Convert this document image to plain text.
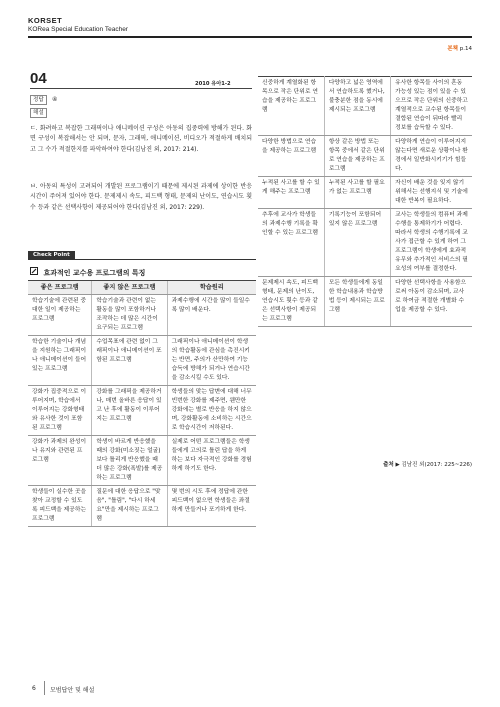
KORSET
KORea Special Education Teacher
본책 p.14
04	2010 유아1-2
정답	④
해설
ㄷ. 화려하고 복잡한 그래픽이나 애니메이션 구성은 아동의 집중력에 방해가 된다. 화면 구성이 복잡해서는 안 되며, 문자, 그래픽, 애니메이션, 비디오가 적절하게 배치되고 그 수가 적절한지를 파악하여야 한다(김남진 외, 2017: 214).
ㅂ. 아동의 특성이 고려되어 개발된 프로그램이기 때문에 제시된 과제에 상이한 반응시간이 주어져 있어야 한다. 문제제시 속도, 피드백 형태, 문제의 난이도, 연습시도 횟수 등과 같은 선택사항이 제공되어야 한다(김남진 외, 2017: 229).
Check Point
효과적인 교수용 프로그램의 특징
좋은 프로그램	좋지 않은 프로그램	학습원리
학습기술에 관련된 중대한 일이 제공하는 프로그램	학습기술과 관련이 없는 활동을 많이 포함하거나 조작하는 데 많은 시간이 요구되는 프로그램	과제수행에 시간을 많이 들일수록 많이 배운다.
학습한 기술이나 개념을 지원하는 그래픽이나 애니메이션이 들어 있는 프로그램	수업목표에 관련 없이 그래픽이나 애니메이션이 포함된 프로그램	그래픽이나 애니메이션이 학생의 학습활동에 관심을 촉진시키는 반면, 주의가 산만하여 기능습득에 방해가 되거나 연습시간을 감소시킬 수도 있다.
강화가 집중적으로 이루어지며, 학습에서 이루어지는 강화형태와 유사한 것이 포함된 프로그램	강화를 그래픽을 제공하거나, 매번 올바른 응답이 있고 난 후에 활동이 이루어지는 프로그램	학생들의 맞는 답변에 대해 너무 빈번한 강화를 제주면, 웬만한 강화에는 별로 반응을 하지 않으며, 강화활동에 소비하는 시간으로 학습시간이 저하된다.
강화가 과제의 완성이나 유지와 관련된 프로그램	학생이 바르게 반응했을 때의 강화(미소짓는 얼굴)보다 틀리게 반응했을 때 더 많은 강화(폭발)를 제공하는 프로그램	실제로 어떤 프로그램들은 학생들에게 고의로 틀린 답을 하게 하는 보다 자극적인 강화를 경험하게 하기도 한다.
학생들이 실수한 곳을 찾아 교정할 수 있도록 피드백을 제공하는 프로그램	질문에 대한 응답으로 "맞음", "틀림", "다시 하세요"만을 제시하는 프로그램	몇 번의 시도 후에 정답에 관한 피드백이 없으면 학생들은 좌절하게 만들거나 포기하게 한다.
신중하게 계열화된 항목으로 작은 단위로 연습을 제공하는 프로그램	다양하고 넓은 영역에서 연습하도록 했거나, 불충분한 점을 동시에 제시되는 프로그램	유사한 항목들 사이의 혼동 가능성 있는 점이 있을 수 있으므로 작은 단위의 신중하고 계열적으로 교수된 항목들이 결합된 연습이 뒤따라 빨리 정보를 습득할 수 있다.
다양한 방법으로 연습을 제공하는 프로그램	항상 같은 방법 또는 항목 중에서 같은 단위로 연습을 제공하는 프로그램	다양하게 연습이 이루어지지 않는다면 새로운 상황이나 환경에서 일반화시키기가 힘들다.
누적된 사고를 할 수 있게 해주는 프로그램	누적된 사고를 할 필요가 없는 프로그램	자신이 배운 것을 잊지 않기 위해서는 선행지식 및 기술에 대한 반복이 필요하다.
추후에 교사가 학생들의 과제수행 기록을 확인할 수 있는 프로그램	기록기능이 포함되어 있지 않은 프로그램	교사는 학생들의 컴퓨터 과제수행을 통제하기가 어렵다. 따라서 학생의 수행기록에 교사가 접근할 수 있게 하여 그 프로그램이 학생에게 효과적 유무와 추가적인 서비스의 필요성의 여부를 결정한다.
문제제시 속도, 피드백 형태, 문제의 난이도, 연습시도 횟수 등과 같은 선택사항이 제공되는 프로그램	모든 학생들에게 동일한 학습내용과 학습방법 등이 제시되는 프로그램	다양한 선택사항을 사용함으로써 아동이 감소되며, 교사로 하여금 적절한 개별화 수업을 제공할 수 있다.
출처 ▶ 김남진 외(2017: 225~226)
6 모범답안 및 해설
